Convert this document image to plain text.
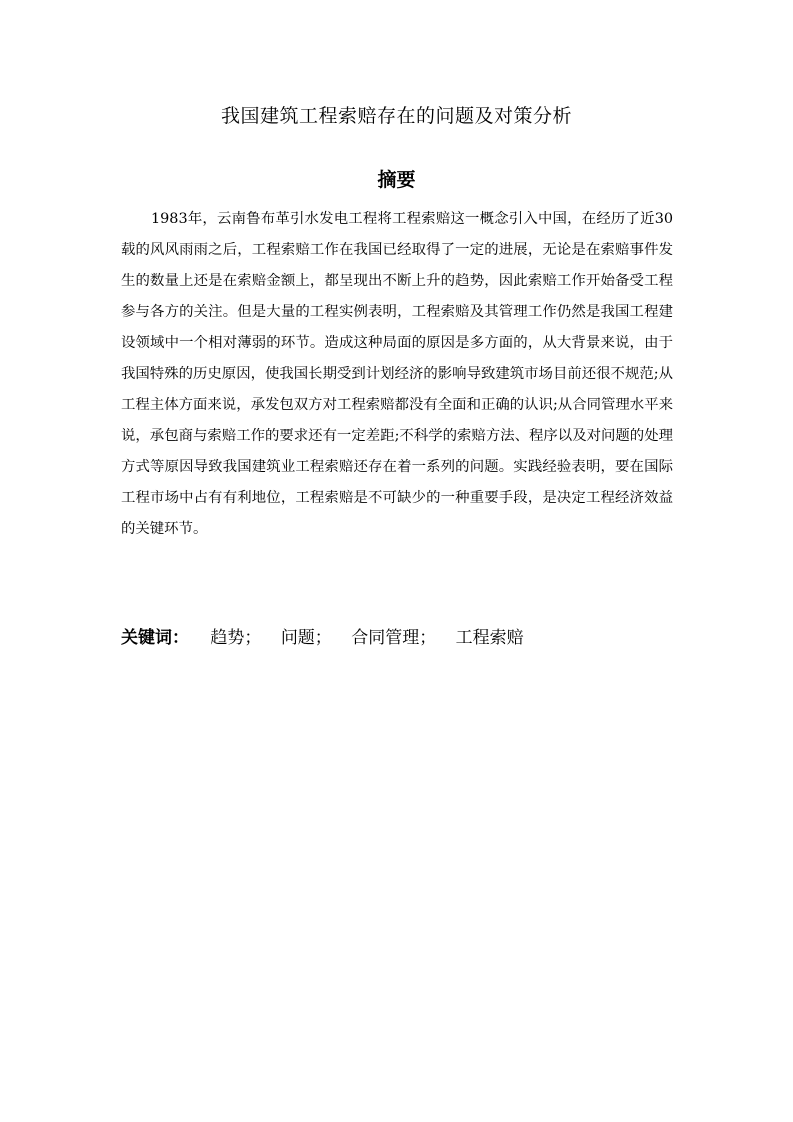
我国建筑工程索赔存在的问题及对策分析
摘要

1983年，云南鲁布革引水发电工程将工程索赔这一概念引入中国，在经历了近30载的风风雨雨之后，工程索赔工作在我国已经取得了一定的进展，无论是在索赔事件发生的数量上还是在索赔金额上，都呈现出不断上升的趋势，因此索赔工作开始备受工程参与各方的关注。但是大量的工程实例表明，工程索赔及其管理工作仍然是我国工程建设领域中一个相对薄弱的环节。造成这种局面的原因是多方面的，从大背景来说，由于我国特殊的历史原因，使我国长期受到计划经济的影响导致建筑市场目前还很不规范;从工程主体方面来说，承发包双方对工程索赔都没有全面和正确的认识;从合同管理水平来说，承包商与索赔工作的要求还有一定差距;不科学的索赔方法、程序以及对问题的处理方式等原因导致我国建筑业工程索赔还存在着一系列的问题。实践经验表明，要在国际工程市场中占有有利地位，工程索赔是不可缺少的一种重要手段，是决定工程经济效益的关键环节。

关键词： 趋势； 问题； 合同管理； 工程索赔
